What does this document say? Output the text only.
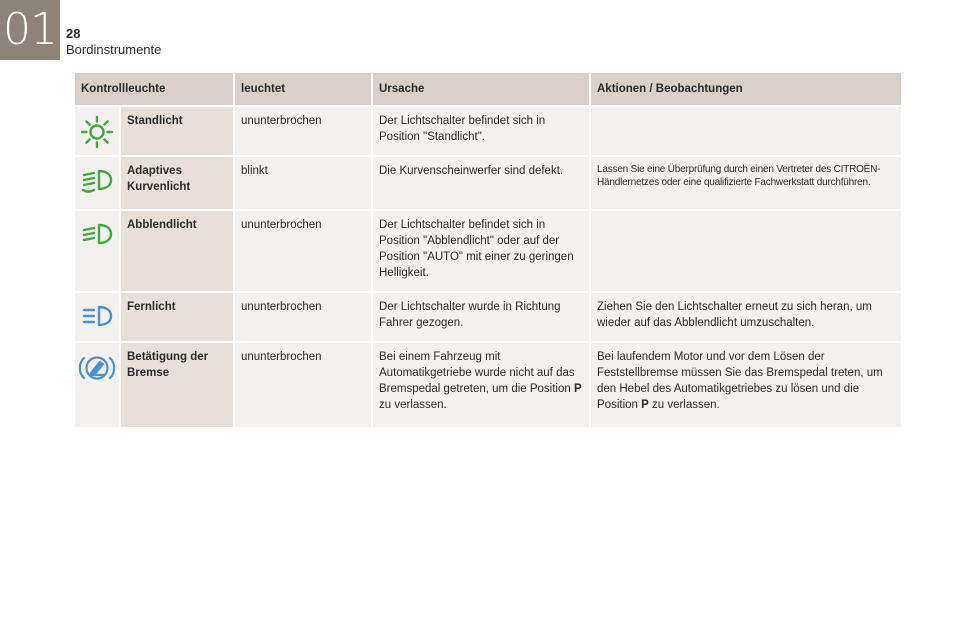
01 28
Bordinstrumente
Kontrollleuchte		leuchtet	Ursache	Aktionen / Beobachtungen

	Standlicht	ununterbrochen	Der Lichtschalter befindet sich in Position "Standlicht".	

	Adaptives Kurvenlicht	blinkt	Die Kurvenscheinwerfer sind defekt.	Lassen Sie eine Überprüfung durch einen Vertreter des CITROËN-Händlernetzes oder eine qualifizierte Fachwerkstatt durchführen.

	Abblendlicht	ununterbrochen	Der Lichtschalter befindet sich in Position "Abblendlicht" oder auf der Position "AUTO" mit einer zu geringen Helligkeit.	

	Fernlicht	ununterbrochen	Der Lichtschalter wurde in Richtung Fahrer gezogen.	Ziehen Sie den Lichtschalter erneut zu sich heran, um wieder auf das Abblendlicht umzuschalten.

	Betätigung der Bremse	ununterbrochen	Bei einem Fahrzeug mit Automatikgetriebe wurde nicht auf das Bremspedal getreten, um die Position P zu verlassen.	Bei laufendem Motor und vor dem Lösen der Feststellbremse müssen Sie das Bremspedal treten, um den Hebel des Automatikgetriebes zu lösen und die Position P zu verlassen.
